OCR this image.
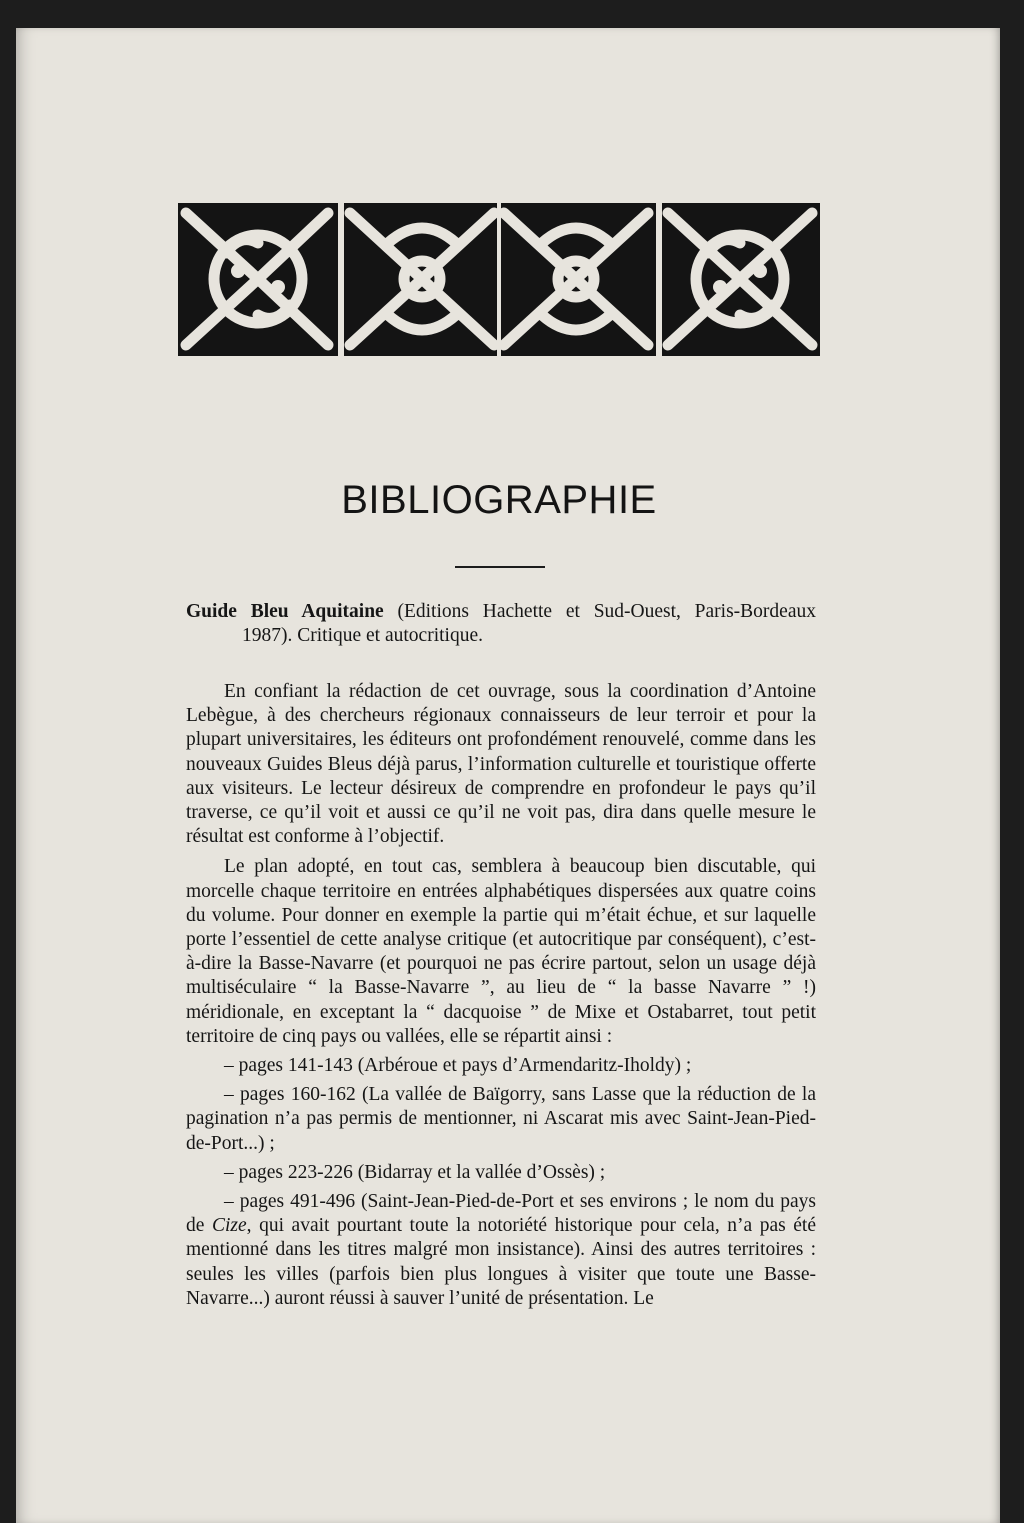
BIBLIOGRAPHIE
Guide Bleu Aquitaine (Editions Hachette et Sud-Ouest, Paris-Bordeaux
1987). Critique et autocritique.

En confiant la rédaction de cet ouvrage, sous la coordination d’Antoine Lebègue, à des chercheurs régionaux connaisseurs de leur terroir et pour la plupart universitaires, les éditeurs ont profondément renouvelé, comme dans les nouveaux Guides Bleus déjà parus, l’information culturelle et touristique offerte aux visiteurs. Le lecteur désireux de comprendre en profondeur le pays qu’il traverse, ce qu’il voit et aussi ce qu’il ne voit pas, dira dans quelle mesure le résultat est conforme à l’objectif.

Le plan adopté, en tout cas, semblera à beaucoup bien discutable, qui morcelle chaque territoire en entrées alphabétiques dispersées aux quatre coins du volume. Pour donner en exemple la partie qui m’était échue, et sur laquelle porte l’essentiel de cette analyse critique (et autocritique par conséquent), c’est-à-dire la Basse-Navarre (et pourquoi ne pas écrire partout, selon un usage déjà multiséculaire “ la Basse-Navarre ”, au lieu de “ la basse Navarre ” !) méridionale, en exceptant la “ dacquoise ” de Mixe et Ostabarret, tout petit territoire de cinq pays ou vallées, elle se répartit ainsi :

– pages 141-143 (Arbéroue et pays d’Armendaritz-Iholdy) ;

– pages 160-162 (La vallée de Baïgorry, sans Lasse que la réduction de la pagination n’a pas permis de mentionner, ni Ascarat mis avec Saint-Jean-Pied-de-Port...) ;

– pages 223-226 (Bidarray et la vallée d’Ossès) ;

– pages 491-496 (Saint-Jean-Pied-de-Port et ses environs ; le nom du pays de Cize, qui avait pourtant toute la notoriété historique pour cela, n’a pas été mentionné dans les titres malgré mon insistance). Ainsi des autres territoires : seules les villes (parfois bien plus longues à visiter que toute une Basse-Navarre...) auront réussi à sauver l’unité de présentation. Le
